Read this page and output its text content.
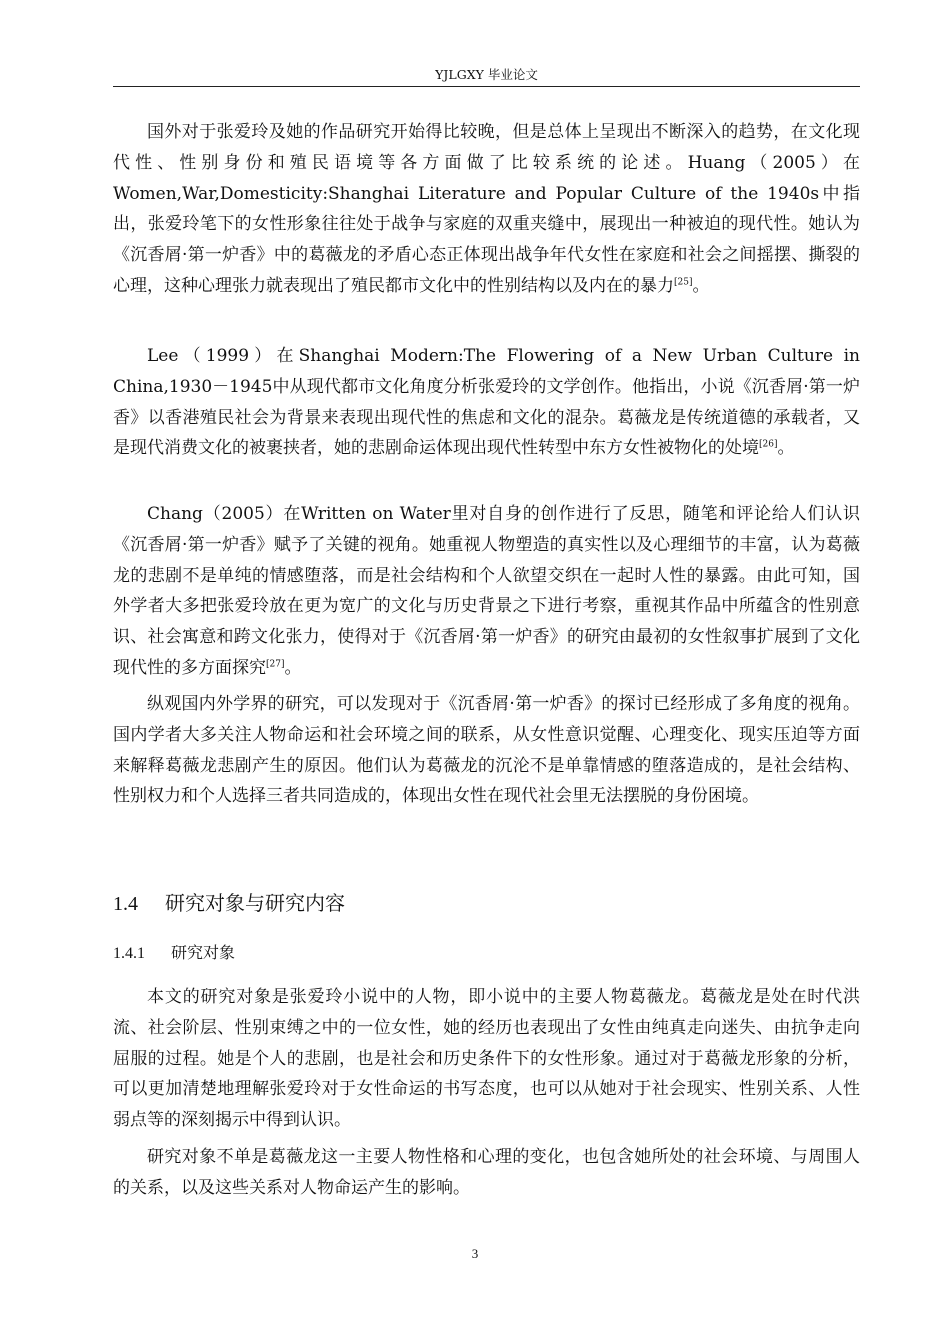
YJLGXY 毕业论文

国外对于张爱玲及她的作品研究开始得比较晚，但是总体上呈现出不断深入的趋势，在文化现代性、性别身份和殖民语境等各方面做了比较系统的论述。Huang（2005）在Women,War,Domesticity:Shanghai Literature and Popular Culture of the 1940s中指出，张爱玲笔下的女性形象往往处于战争与家庭的双重夹缝中，展现出一种被迫的现代性。她认为《沉香屑·第一炉香》中的葛薇龙的矛盾心态正体现出战争年代女性在家庭和社会之间摇摆、撕裂的心理，这种心理张力就表现出了殖民都市文化中的性别结构以及内在的暴力[25]。

Lee（1999）在Shanghai Modern:The Flowering of a New Urban Culture in China,1930－1945中从现代都市文化角度分析张爱玲的文学创作。他指出，小说《沉香屑·第一炉香》以香港殖民社会为背景来表现出现代性的焦虑和文化的混杂。葛薇龙是传统道德的承载者，又是现代消费文化的被裹挟者，她的悲剧命运体现出现代性转型中东方女性被物化的处境[26]。

Chang（2005）在Written on Water里对自身的创作进行了反思，随笔和评论给人们认识《沉香屑·第一炉香》赋予了关键的视角。她重视人物塑造的真实性以及心理细节的丰富，认为葛薇龙的悲剧不是单纯的情感堕落，而是社会结构和个人欲望交织在一起时人性的暴露。由此可知，国外学者大多把张爱玲放在更为宽广的文化与历史背景之下进行考察，重视其作品中所蕴含的性别意识、社会寓意和跨文化张力，使得对于《沉香屑·第一炉香》的研究由最初的女性叙事扩展到了文化现代性的多方面探究[27]。

纵观国内外学界的研究，可以发现对于《沉香屑·第一炉香》的探讨已经形成了多角度的视角。国内学者大多关注人物命运和社会环境之间的联系，从女性意识觉醒、心理变化、现实压迫等方面来解释葛薇龙悲剧产生的原因。他们认为葛薇龙的沉沦不是单靠情感的堕落造成的，是社会结构、性别权力和个人选择三者共同造成的，体现出女性在现代社会里无法摆脱的身份困境。

1.4 研究对象与研究内容
1.4.1 研究对象

本文的研究对象是张爱玲小说中的人物，即小说中的主要人物葛薇龙。葛薇龙是处在时代洪流、社会阶层、性别束缚之中的一位女性，她的经历也表现出了女性由纯真走向迷失、由抗争走向屈服的过程。她是个人的悲剧，也是社会和历史条件下的女性形象。通过对于葛薇龙形象的分析，可以更加清楚地理解张爱玲对于女性命运的书写态度，也可以从她对于社会现实、性别关系、人性弱点等的深刻揭示中得到认识。

研究对象不单是葛薇龙这一主要人物性格和心理的变化，也包含她所处的社会环境、与周围人的关系，以及这些关系对人物命运产生的影响。

3
